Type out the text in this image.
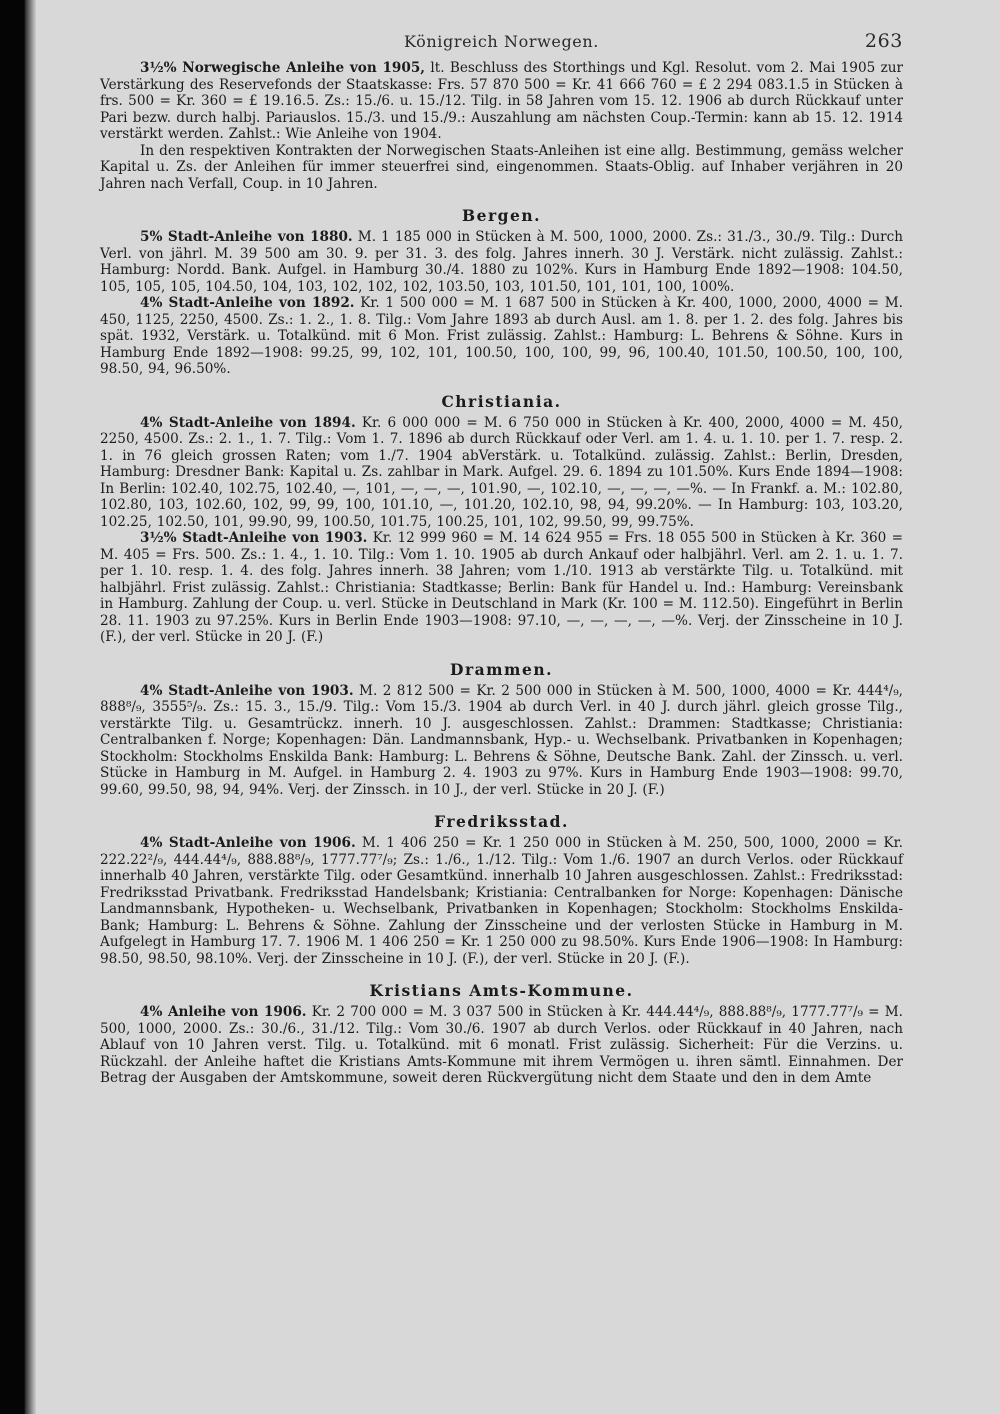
Königreich Norwegen.	263

3½% Norwegische Anleihe von 1905, lt. Beschluss des Storthings und Kgl. Resolut. vom 2. Mai 1905 zur Verstärkung des Reservefonds der Staatskasse: Frs. 57 870 500 = Kr. 41 666 760 = £ 2 294 083.1.5 in Stücken à frs. 500 = Kr. 360 = £ 19.16.5. Zs.: 15./6. u. 15./12. Tilg. in 58 Jahren vom 15. 12. 1906 ab durch Rückkauf unter Pari bezw. durch halbj. Pariauslos. 15./3. und 15./9.: Auszahlung am nächsten Coup.-Termin: kann ab 15. 12. 1914 verstärkt werden. Zahlst.: Wie Anleihe von 1904.

In den respektiven Kontrakten der Norwegischen Staats-Anleihen ist eine allg. Bestimmung, gemäss welcher Kapital u. Zs. der Anleihen für immer steuerfrei sind, eingenommen. Staats-Oblig. auf Inhaber verjähren in 20 Jahren nach Verfall, Coup. in 10 Jahren.

Bergen.

5% Stadt-Anleihe von 1880. M. 1 185 000 in Stücken à M. 500, 1000, 2000. Zs.: 31./3., 30./9. Tilg.: Durch Verl. von jährl. M. 39 500 am 30. 9. per 31. 3. des folg. Jahres innerh. 30 J. Verstärk. nicht zulässig. Zahlst.: Hamburg: Nordd. Bank. Aufgel. in Hamburg 30./4. 1880 zu 102%. Kurs in Hamburg Ende 1892—1908: 104.50, 105, 105, 105, 104.50, 104, 103, 102, 102, 102, 103.50, 103, 101.50, 101, 101, 100, 100%.

4% Stadt-Anleihe von 1892. Kr. 1 500 000 = M. 1 687 500 in Stücken à Kr. 400, 1000, 2000, 4000 = M. 450, 1125, 2250, 4500. Zs.: 1. 2., 1. 8. Tilg.: Vom Jahre 1893 ab durch Ausl. am 1. 8. per 1. 2. des folg. Jahres bis spät. 1932, Verstärk. u. Totalkünd. mit 6 Mon. Frist zulässig. Zahlst.: Hamburg: L. Behrens & Söhne. Kurs in Hamburg Ende 1892—1908: 99.25, 99, 102, 101, 100.50, 100, 100, 99, 96, 100.40, 101.50, 100.50, 100, 100, 98.50, 94, 96.50%.

Christiania.

4% Stadt-Anleihe von 1894. Kr. 6 000 000 = M. 6 750 000 in Stücken à Kr. 400, 2000, 4000 = M. 450, 2250, 4500. Zs.: 2. 1., 1. 7. Tilg.: Vom 1. 7. 1896 ab durch Rückkauf oder Verl. am 1. 4. u. 1. 10. per 1. 7. resp. 2. 1. in 76 gleich grossen Raten; vom 1./7. 1904 abVerstärk. u. Totalkünd. zulässig. Zahlst.: Berlin, Dresden, Hamburg: Dresdner Bank: Kapital u. Zs. zahlbar in Mark. Aufgel. 29. 6. 1894 zu 101.50%. Kurs Ende 1894—1908: In Berlin: 102.40, 102.75, 102.40, —, 101, —, —, —, 101.90, —, 102.10, —, —, —, —%. — In Frankf. a. M.: 102.80, 102.80, 103, 102.60, 102, 99, 99, 100, 101.10, —, 101.20, 102.10, 98, 94, 99.20%. — In Hamburg: 103, 103.20, 102.25, 102.50, 101, 99.90, 99, 100.50, 101.75, 100.25, 101, 102, 99.50, 99, 99.75%.

3½% Stadt-Anleihe von 1903. Kr. 12 999 960 = M. 14 624 955 = Frs. 18 055 500 in Stücken à Kr. 360 = M. 405 = Frs. 500. Zs.: 1. 4., 1. 10. Tilg.: Vom 1. 10. 1905 ab durch Ankauf oder halbjährl. Verl. am 2. 1. u. 1. 7. per 1. 10. resp. 1. 4. des folg. Jahres innerh. 38 Jahren; vom 1./10. 1913 ab verstärkte Tilg. u. Totalkünd. mit halbjährl. Frist zulässig. Zahlst.: Christiania: Stadtkasse; Berlin: Bank für Handel u. Ind.: Hamburg: Vereinsbank in Hamburg. Zahlung der Coup. u. verl. Stücke in Deutschland in Mark (Kr. 100 = M. 112.50). Eingeführt in Berlin 28. 11. 1903 zu 97.25%. Kurs in Berlin Ende 1903—1908: 97.10, —, —, —, —, —%. Verj. der Zinsscheine in 10 J. (F.), der verl. Stücke in 20 J. (F.)

Drammen.

4% Stadt-Anleihe von 1903. M. 2 812 500 = Kr. 2 500 000 in Stücken à M. 500, 1000, 4000 = Kr. 444⁴/₉, 888⁸/₉, 3555⁵/₉. Zs.: 15. 3., 15./9. Tilg.: Vom 15./3. 1904 ab durch Verl. in 40 J. durch jährl. gleich grosse Tilg., verstärkte Tilg. u. Gesamtrückz. innerh. 10 J. ausgeschlossen. Zahlst.: Drammen: Stadtkasse; Christiania: Centralbanken f. Norge; Kopenhagen: Dän. Landmannsbank, Hyp.- u. Wechselbank. Privatbanken in Kopenhagen; Stockholm: Stockholms Enskilda Bank: Hamburg: L. Behrens & Söhne, Deutsche Bank. Zahl. der Zinssch. u. verl. Stücke in Hamburg in M. Aufgel. in Hamburg 2. 4. 1903 zu 97%. Kurs in Hamburg Ende 1903—1908: 99.70, 99.60, 99.50, 98, 94, 94%. Verj. der Zinssch. in 10 J., der verl. Stücke in 20 J. (F.)

Fredriksstad.

4% Stadt-Anleihe von 1906. M. 1 406 250 = Kr. 1 250 000 in Stücken à M. 250, 500, 1000, 2000 = Kr. 222.22²/₉, 444.44⁴/₉, 888.88⁸/₉, 1777.77⁷/₉; Zs.: 1./6., 1./12. Tilg.: Vom 1./6. 1907 an durch Verlos. oder Rückkauf innerhalb 40 Jahren, verstärkte Tilg. oder Gesamtkünd. innerhalb 10 Jahren ausgeschlossen. Zahlst.: Fredriksstad: Fredriksstad Privatbank. Fredriksstad Handelsbank; Kristiania: Centralbanken for Norge: Kopenhagen: Dänische Landmannsbank, Hypotheken- u. Wechselbank, Privatbanken in Kopenhagen; Stockholm: Stockholms Enskilda-Bank; Hamburg: L. Behrens & Söhne. Zahlung der Zinsscheine und der verlosten Stücke in Hamburg in M. Aufgelegt in Hamburg 17. 7. 1906 M. 1 406 250 = Kr. 1 250 000 zu 98.50%. Kurs Ende 1906—1908: In Hamburg: 98.50, 98.50, 98.10%. Verj. der Zinsscheine in 10 J. (F.), der verl. Stücke in 20 J. (F.).

Kristians Amts-Kommune.

4% Anleihe von 1906. Kr. 2 700 000 = M. 3 037 500 in Stücken à Kr. 444.44⁴/₉, 888.88⁸/₉, 1777.77⁷/₉ = M. 500, 1000, 2000. Zs.: 30./6., 31./12. Tilg.: Vom 30./6. 1907 ab durch Verlos. oder Rückkauf in 40 Jahren, nach Ablauf von 10 Jahren verst. Tilg. u. Totalkünd. mit 6 monatl. Frist zulässig. Sicherheit: Für die Verzins. u. Rückzahl. der Anleihe haftet die Kristians Amts-Kommune mit ihrem Vermögen u. ihren sämtl. Einnahmen. Der Betrag der Ausgaben der Amtskommune, soweit deren Rückvergütung nicht dem Staate und den in dem Amte
